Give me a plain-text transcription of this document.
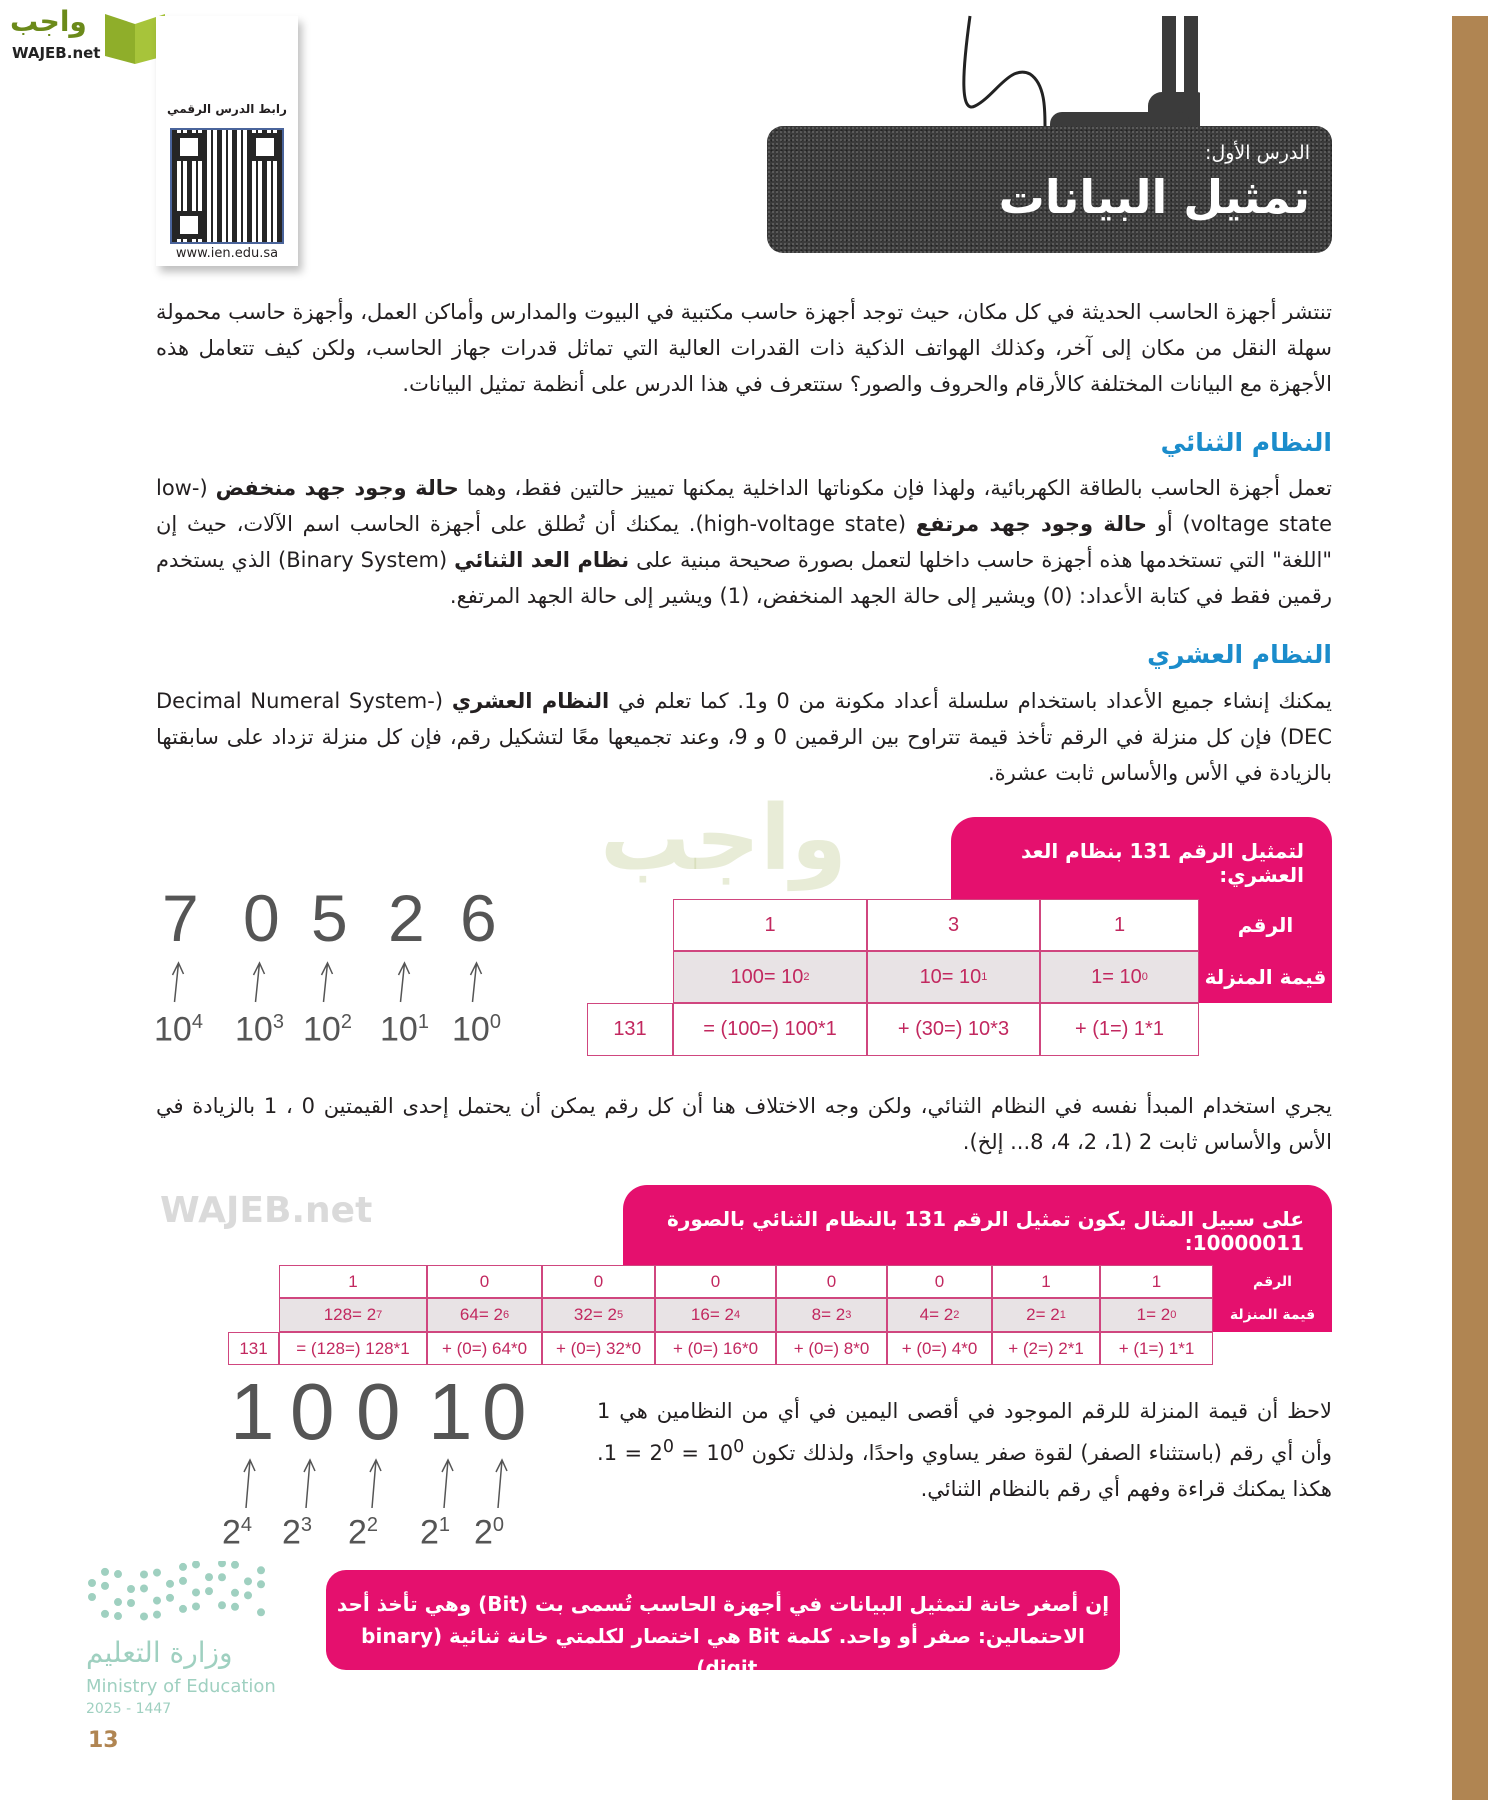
واجب
WAJEB.net
رابط الدرس الرقمي
www.ien.edu.sa
الدرس الأول:
تمثيل البيانات
واجب
WAJEB.net
تنتشر أجهزة الحاسب الحديثة في كل مكان، حيث توجد أجهزة حاسب مكتبية في البيوت والمدارس وأماكن العمل، وأجهزة حاسب محمولة سهلة النقل من مكان إلى آخر، وكذلك الهواتف الذكية ذات القدرات العالية التي تماثل قدرات جهاز الحاسب، ولكن كيف تتعامل هذه الأجهزة مع البيانات المختلفة كالأرقام والحروف والصور؟ ستتعرف في هذا الدرس على أنظمة تمثيل البيانات.
النظام الثنائي
تعمل أجهزة الحاسب بالطاقة الكهربائية، ولهذا فإن مكوناتها الداخلية يمكنها تمييز حالتين فقط، وهما حالة وجود جهد منخفض (low-voltage state) أو حالة وجود جهد مرتفع (high-voltage state). يمكنك أن تُطلق على أجهزة الحاسب اسم الآلات، حيث إن "اللغة" التي تستخدمها هذه أجهزة حاسب داخلها لتعمل بصورة صحيحة مبنية على نظام العد الثنائي (Binary System) الذي يستخدم رقمين فقط في كتابة الأعداد: (0) ويشير إلى حالة الجهد المنخفض، (1) ويشير إلى حالة الجهد المرتفع.
النظام العشري
يمكنك إنشاء جميع الأعداد باستخدام سلسلة أعداد مكونة من 0 و1. كما تعلم في النظام العشري (Decimal Numeral System-DEC) فإن كل منزلة في الرقم تأخذ قيمة تتراوح بين الرقمين 0 و 9، وعند تجميعها معًا لتشكيل رقم، فإن كل منزلة تزداد على سابقتها بالزيادة في الأس والأساس ثابت عشرة.
لتمثيل الرقم 131 بنظام العد العشري:
131
1
100= 10 2
= (100=) 100*1
3
10= 10 1
+ (30=) 10*3
1
1= 10 0
+ (1=) 1*1
الرقم
قيمة المنزلة
7
$10^4$
0
$10^3$
5
$10^2$
2
$10^1$
6
$10^0$
يجري استخدام المبدأ نفسه في النظام الثنائي، ولكن وجه الاختلاف هنا أن كل رقم يمكن أن يحتمل إحدى القيمتين 0 ، 1 بالزيادة في الأس والأساس ثابت 2 (1، 2، 4، 8... إلخ).
على سبيل المثال يكون تمثيل الرقم 131 بالنظام الثنائي بالصورة 10000011:
131
1
128= 2 7
= (128=) 128*1
0
64= 2 6
+ (0=) 64*0
0
32= 2 5
+ (0=) 32*0
0
16= 2 4
+ (0=) 16*0
0
8= 2 3
+ (0=) 8*0
0
4= 2 2
+ (0=) 4*0
1
2= 2 1
+ (2=) 2*1
1
1= 2 0
+ (1=) 1*1
الرقم
قيمة المنزلة
1
$2^4$
0
$2^3$
0
$2^2$
1
$2^1$
0
$2^0$
لاحظ أن قيمة المنزلة للرقم الموجود في أقصى اليمين في أي من النظامين هي 1 وأن أي رقم (باستثناء الصفر) لقوة صفر يساوي واحدًا، ولذلك تكون $10^0 = 2^0 = 1$. هكذا يمكنك قراءة وفهم أي رقم بالنظام الثنائي.
إن أصغر خانة لتمثيل البيانات في أجهزة الحاسب تُسمى بت (Bit) وهي تأخذ أحد
الاحتمالين: صفر أو واحد. كلمة Bit هي اختصار لكلمتي خانة ثنائية (binary digit).
وزارة التعليم
Ministry of Education
2025 - 1447
13
